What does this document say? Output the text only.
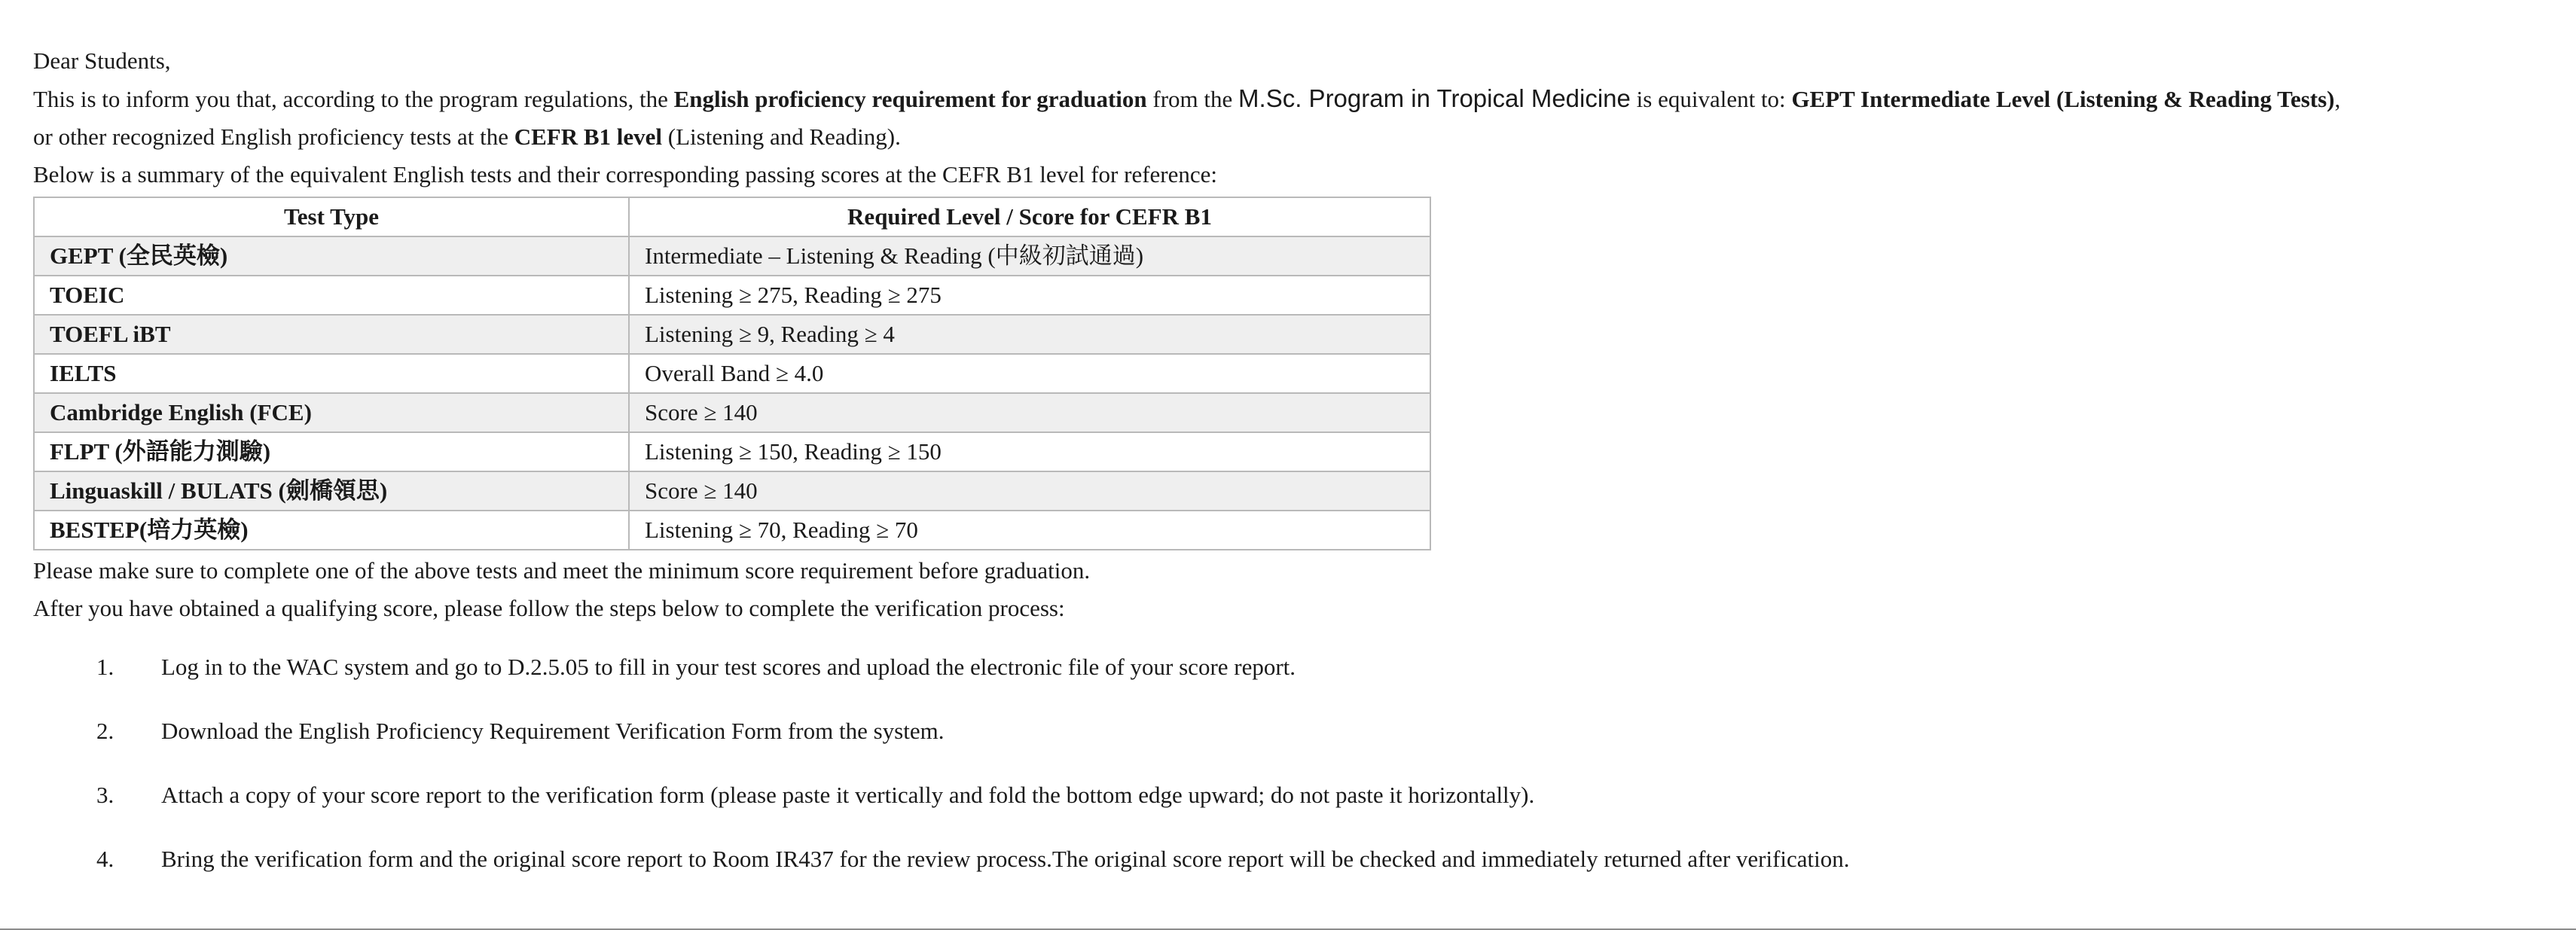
Dear Students,

This is to inform you that, according to the program regulations, the English proficiency requirement for graduation from the M.Sc. Program in Tropical Medicine is equivalent to: GEPT Intermediate Level (Listening & Reading Tests),

or other recognized English proficiency tests at the CEFR B1 level (Listening and Reading).

Below is a summary of the equivalent English tests and their corresponding passing scores at the CEFR B1 level for reference:

Test Type	Required Level / Score for CEFR B1
GEPT (全民英檢)	Intermediate – Listening & Reading (中級初試通過)
TOEIC	Listening ≥ 275, Reading ≥ 275
TOEFL iBT	Listening ≥ 9, Reading ≥ 4
IELTS	Overall Band ≥ 4.0
Cambridge English (FCE)	Score ≥ 140
FLPT (外語能力測驗)	Listening ≥ 150, Reading ≥ 150
Linguaskill / BULATS (劍橋領思)	Score ≥ 140
BESTEP(培力英檢)	Listening ≥ 70, Reading ≥ 70

Please make sure to complete one of the above tests and meet the minimum score requirement before graduation.

After you have obtained a qualifying score, please follow the steps below to complete the verification process:

1. Log in to the WAC system and go to D.2.5.05 to fill in your test scores and upload the electronic file of your score report.
2. Download the English Proficiency Requirement Verification Form from the system.
3. Attach a copy of your score report to the verification form (please paste it vertically and fold the bottom edge upward; do not paste it horizontally).
4. Bring the verification form and the original score report to Room IR437 for the review process.The original score report will be checked and immediately returned after verification.
